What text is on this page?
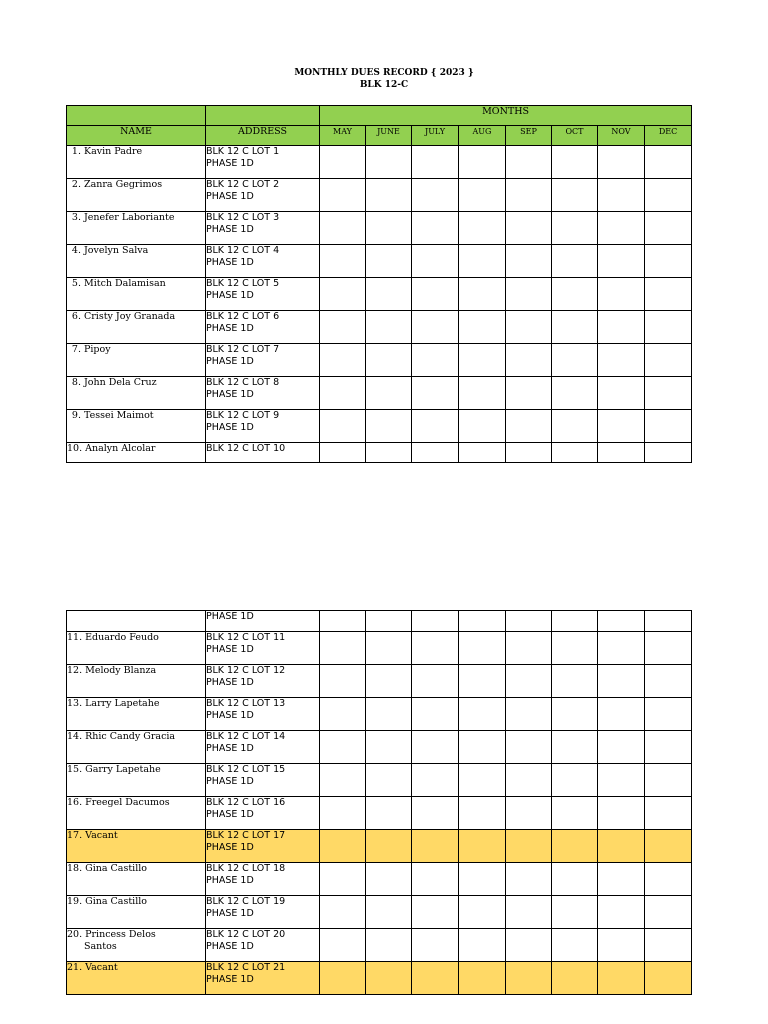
MONTHLY DUES RECORD { 2023 }
BLK 12-C
		MONTHS							
NAME	ADDRESS	MAY	JUNE	JULY	AUG	SEP	OCT	NOV	DEC

1. Kavin Padre	BLK 12 C LOT 1
PHASE 1D								

2. Zanra Gegrimos	BLK 12 C LOT 2
PHASE 1D								

3. Jenefer Laboriante	BLK 12 C LOT 3
PHASE 1D								

4. Jovelyn Salva	BLK 12 C LOT 4
PHASE 1D								

5. Mitch Dalamisan	BLK 12 C LOT 5
PHASE 1D								

6. Cristy Joy Granada	BLK 12 C LOT 6
PHASE 1D								

7. Pipoy	BLK 12 C LOT 7
PHASE 1D								

8. John Dela Cruz	BLK 12 C LOT 8
PHASE 1D								

9. Tessei Maimot	BLK 12 C LOT 9
PHASE 1D								

10. Analyn Alcolar	BLK 12 C LOT 10								

	PHASE 1D								

11. Eduardo Feudo	BLK 12 C LOT 11
PHASE 1D								

12. Melody Blanza	BLK 12 C LOT 12
PHASE 1D								

13. Larry Lapetahe	BLK 12 C LOT 13
PHASE 1D								

14. Rhic Candy Gracia	BLK 12 C LOT 14
PHASE 1D								

15. Garry Lapetahe	BLK 12 C LOT 15
PHASE 1D								

16. Freegel Dacumos	BLK 12 C LOT 16
PHASE 1D								

17. Vacant	BLK 12 C LOT 17
PHASE 1D								

18. Gina Castillo	BLK 12 C LOT 18
PHASE 1D								

19. Gina Castillo	BLK 12 C LOT 19
PHASE 1D								

20. Princess Delos
Santos	BLK 12 C LOT 20
PHASE 1D								

21. Vacant	BLK 12 C LOT 21
PHASE 1D								
